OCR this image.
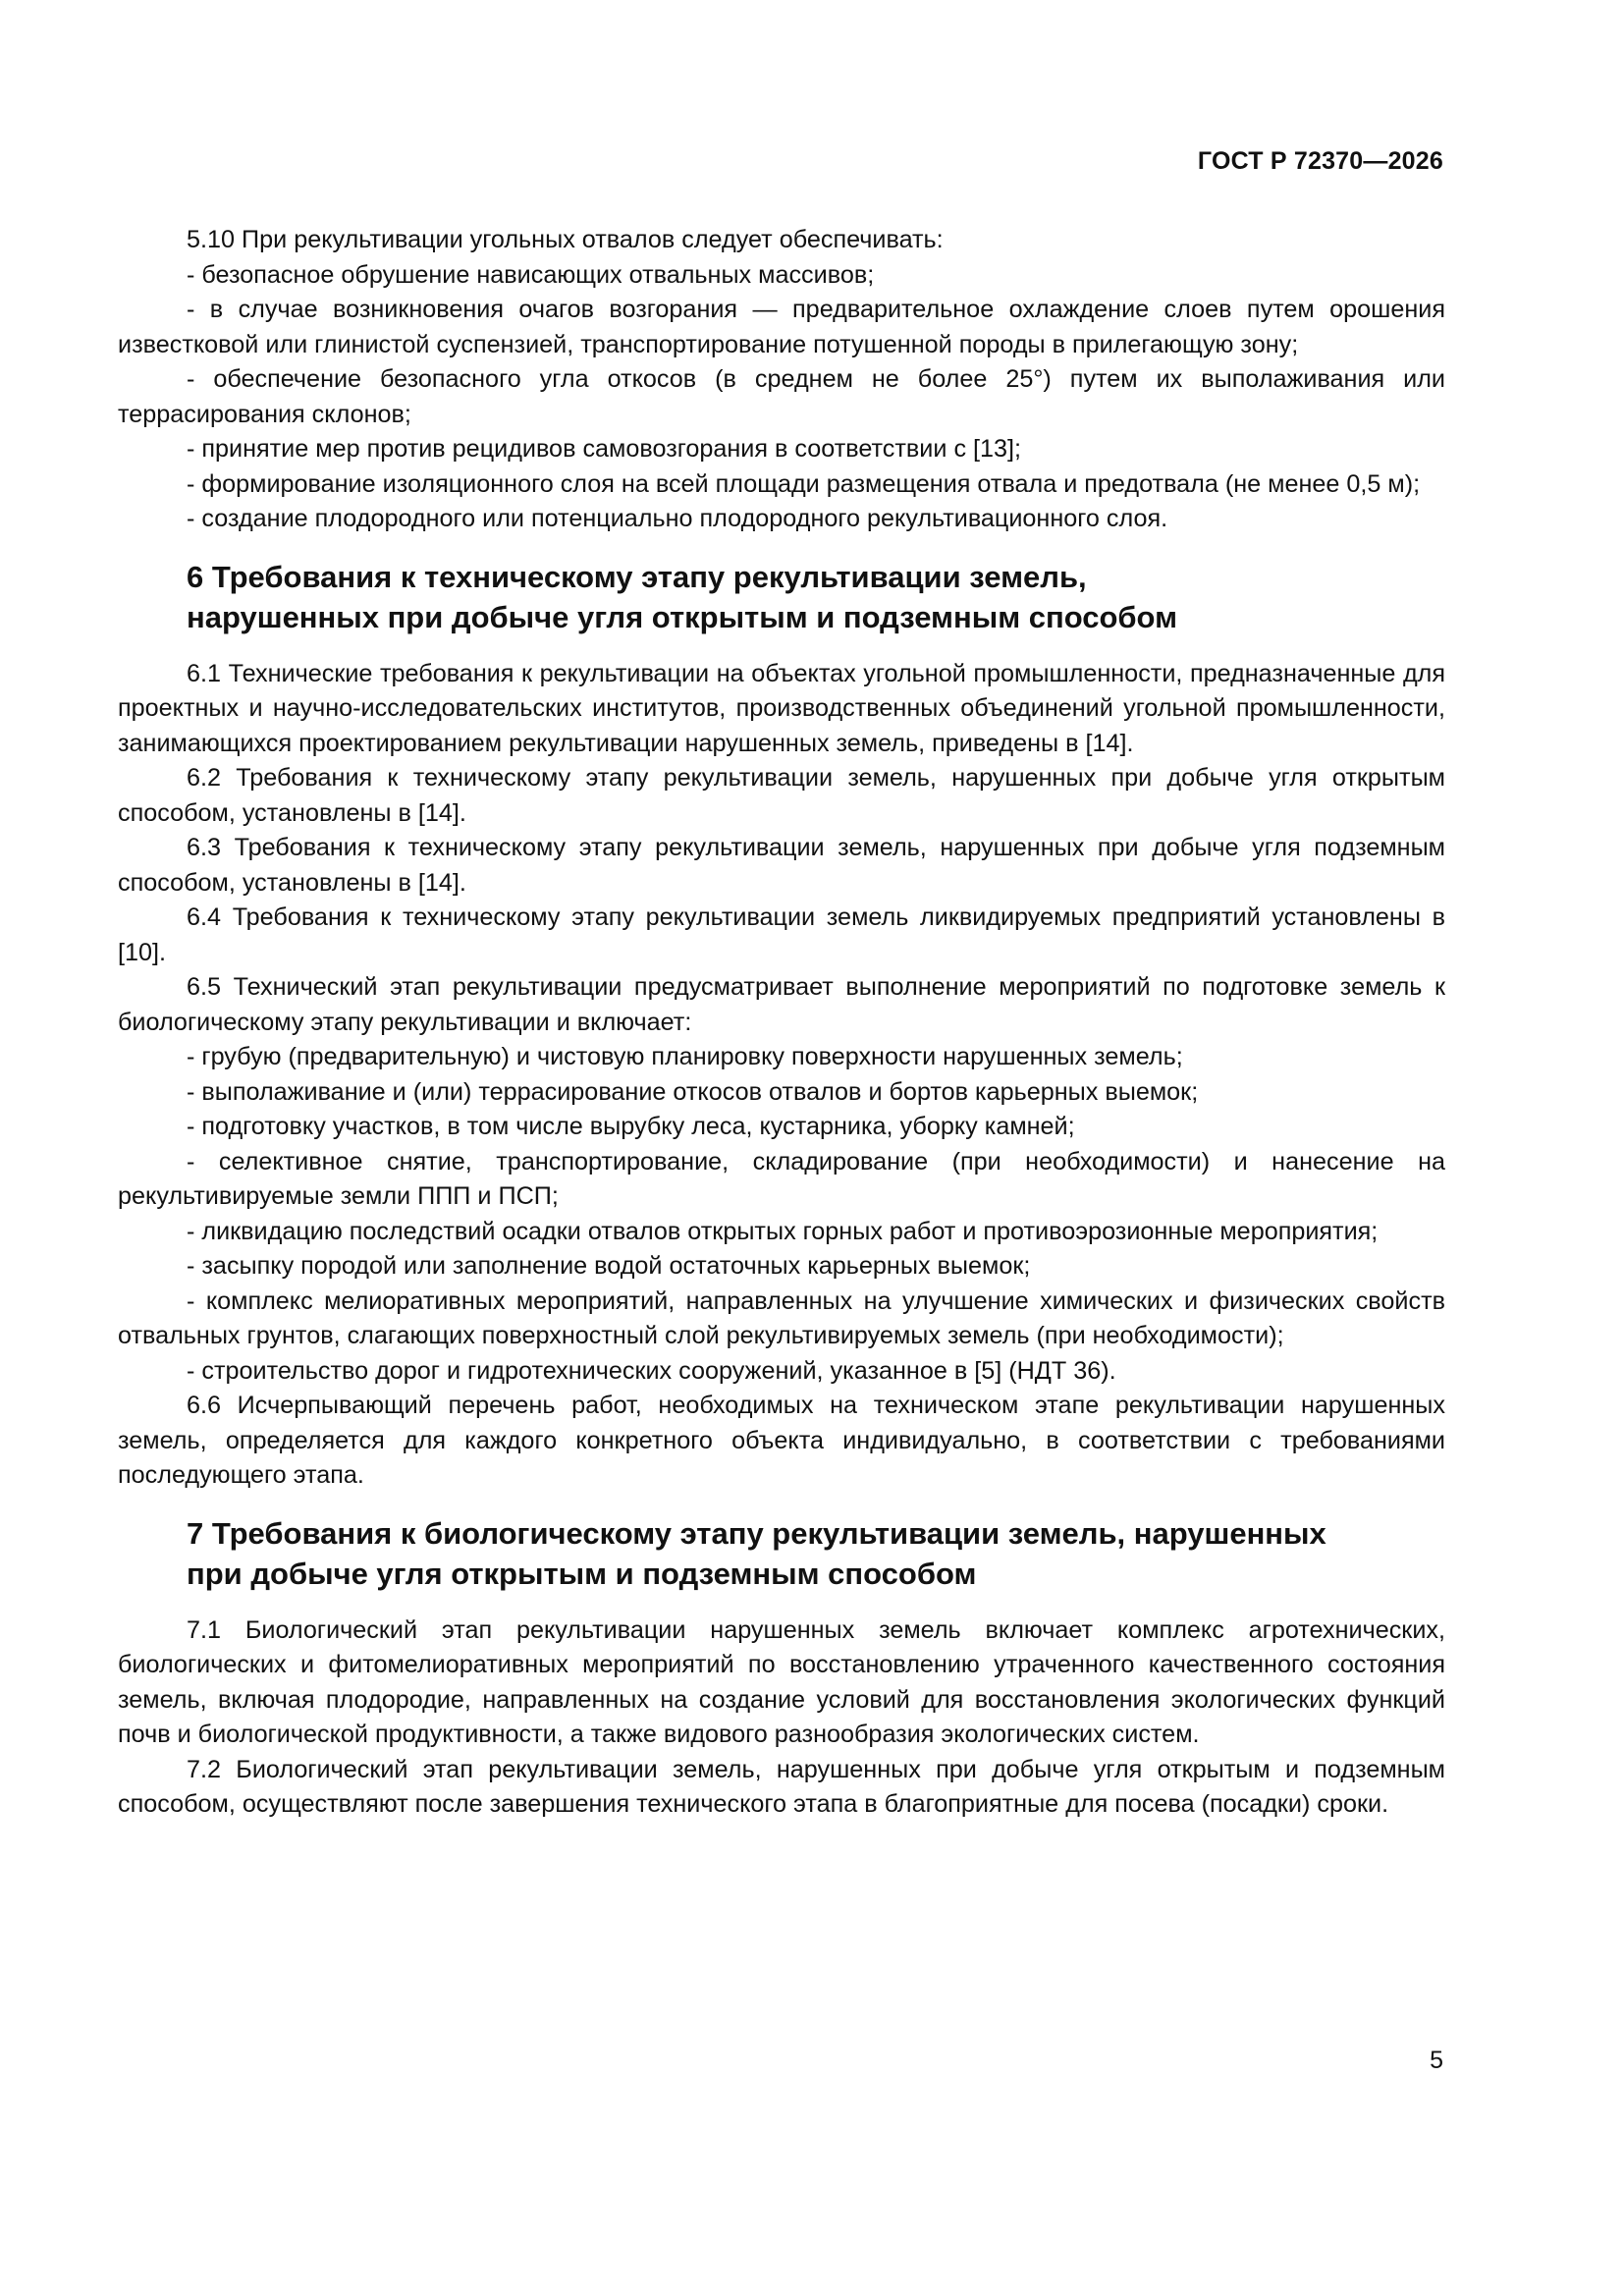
ГОСТ Р 72370—2026

5.10 При рекультивации угольных отвалов следует обеспечивать:

- безопасное обрушение нависающих отвальных массивов;

- в случае возникновения очагов возгорания — предварительное охлаждение слоев путем орошения известковой или глинистой суспензией, транспортирование потушенной породы в прилегающую зону;

- обеспечение безопасного угла откосов (в среднем не более 25°) путем их выполаживания или террасирования склонов;

- принятие мер против рецидивов самовозгорания в соответствии с [13];

- формирование изоляционного слоя на всей площади размещения отвала и предотвала (не менее 0,5 м);

- создание плодородного или потенциально плодородного рекультивационного слоя.

6 Требования к техническому этапу рекультивации земель,
нарушенных при добыче угля открытым и подземным способом

6.1 Технические требования к рекультивации на объектах угольной промышленности, предназначенные для проектных и научно-исследовательских институтов, производственных объединений угольной промышленности, занимающихся проектированием рекультивации нарушенных земель, приведены в [14].

6.2 Требования к техническому этапу рекультивации земель, нарушенных при добыче угля открытым способом, установлены в [14].

6.3 Требования к техническому этапу рекультивации земель, нарушенных при добыче угля подземным способом, установлены в [14].

6.4 Требования к техническому этапу рекультивации земель ликвидируемых предприятий установлены в [10].

6.5 Технический этап рекультивации предусматривает выполнение мероприятий по подготовке земель к биологическому этапу рекультивации и включает:

- грубую (предварительную) и чистовую планировку поверхности нарушенных земель;

- выполаживание и (или) террасирование откосов отвалов и бортов карьерных выемок;

- подготовку участков, в том числе вырубку леса, кустарника, уборку камней;

- селективное снятие, транспортирование, складирование (при необходимости) и нанесение на рекультивируемые земли ППП и ПСП;

- ликвидацию последствий осадки отвалов открытых горных работ и противоэрозионные мероприятия;

- засыпку породой или заполнение водой остаточных карьерных выемок;

- комплекс мелиоративных мероприятий, направленных на улучшение химических и физических свойств отвальных грунтов, слагающих поверхностный слой рекультивируемых земель (при необходимости);

- строительство дорог и гидротехнических сооружений, указанное в [5] (НДТ 36).

6.6 Исчерпывающий перечень работ, необходимых на техническом этапе рекультивации нарушенных земель, определяется для каждого конкретного объекта индивидуально, в соответствии с требованиями последующего этапа.

7 Требования к биологическому этапу рекультивации земель, нарушенных
при добыче угля открытым и подземным способом

7.1 Биологический этап рекультивации нарушенных земель включает комплекс агротехнических, биологических и фитомелиоративных мероприятий по восстановлению утраченного качественного состояния земель, включая плодородие, направленных на создание условий для восстановления экологических функций почв и биологической продуктивности, а также видового разнообразия экологических систем.

7.2 Биологический этап рекультивации земель, нарушенных при добыче угля открытым и подземным способом, осуществляют после завершения технического этапа в благоприятные для посева (посадки) сроки.

5
